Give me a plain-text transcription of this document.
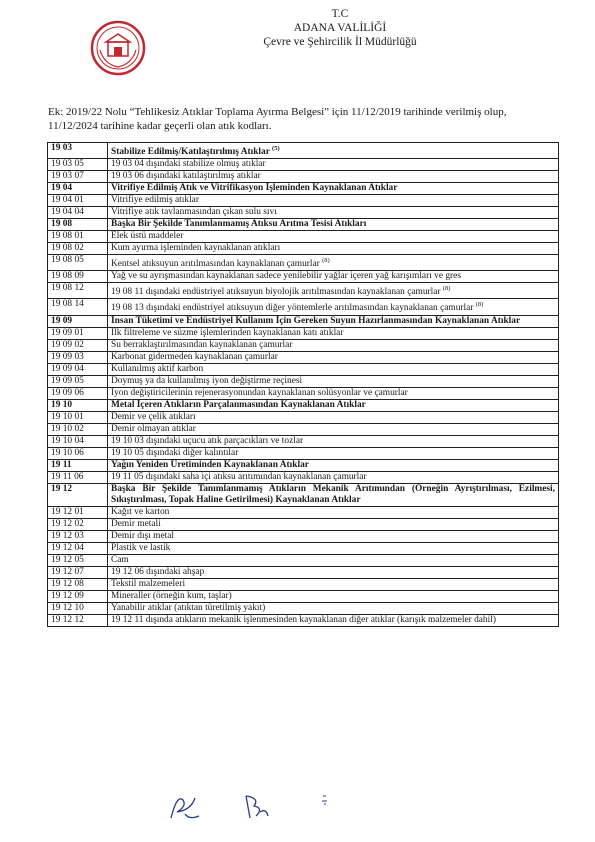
T.C
ADANA VALİLİĞİ
Çevre ve Şehircilik İl Müdürlüğü
Ek: 2019/22 Nolu “Tehlikesiz Atıklar Toplama Ayırma Belgesi” için 11/12/2019 tarihinde verilmiş olup,
11/12/2024 tarihine kadar geçerli olan atık kodları.
19 03	Stabilize Edilmiş/Katılaştırılmış Atıklar $^{(5)}$
19 03 05	19 03 04 dışındaki stabilize olmuş atıklar
19 03 07	19 03 06 dışındaki katılaştırılmış atıklar
19 04	Vitrifiye Edilmiş Atık ve Vitrifikasyon İşleminden Kaynaklanan Atıklar
19 04 01	Vitrifiye edilmiş atıklar
19 04 04	Vitrifiye atık tavlanmasından çıkan sulu sıvı
19 08	Başka Bir Şekilde Tanımlanmamış Atıksu Arıtma Tesisi Atıkları
19 08 01	Elek üstü maddeler
19 08 02	Kum ayırma işleminden kaynaklanan atıkları
19 08 05	Kentsel atıksuyun arıtılmasından kaynaklanan çamurlar $^{(8)}$
19 08 09	Yağ ve su ayrışmasından kaynaklanan sadece yenilebilir yağlar içeren yağ karışımları ve gres
19 08 12	19 08 11 dışındaki endüstriyel atıksuyun biyolojik arıtılmasından kaynaklanan çamurlar $^{(8)}$
19 08 14	19 08 13 dışındaki endüstriyel atıksuyun diğer yöntemlerle arıtılmasından kaynaklanan çamurlar $^{(8)}$
19 09	İnsan Tüketimi ve Endüstriyel Kullanım İçin Gereken Suyun Hazırlanmasından Kaynaklanan Atıklar
19 09 01	İlk filtreleme ve süzme işlemlerinden kaynaklanan katı atıklar
19 09 02	Su berraklaştırılmasından kaynaklanan çamurlar
19 09 03	Karbonat gidermeden kaynaklanan çamurlar
19 09 04	Kullanılmış aktif karbon
19 09 05	Doymuş ya da kullanılmış iyon değiştirme reçinesi
19 09 06	İyon değiştiricilerinin rejenerasyonundan kaynaklanan solüsyonlar ve çamurlar
19 10	Metal İçeren Atıkların Parçalanmasından Kaynaklanan Atıklar
19 10 01	Demir ve çelik atıkları
19 10 02	Demir olmayan atıklar
19 10 04	19 10 03 dışındaki uçucu atık parçacıkları ve tozlar
19 10 06	19 10 05 dışındaki diğer kalıntılar
19 11	Yağın Yeniden Üretiminden Kaynaklanan Atıklar
19 11 06	19 11 05 dışındaki saha içi atıksu arıtımından kaynaklanan çamurlar
19 12	Başka Bir Şekilde Tanımlanmamış Atıkların Mekanik Arıtımından (Örneğin Ayrıştırılması, Ezilmesi, Sıkıştırılması, Topak Haline Getirilmesi) Kaynaklanan Atıklar
19 12 01	Kağıt ve karton
19 12 02	Demir metali
19 12 03	Demir dışı metal
19 12 04	Plastik ve lastik
19 12 05	Cam
19 12 07	19 12 06 dışındaki ahşap
19 12 08	Tekstil malzemeleri
19 12 09	Mineraller (örneğin kum, taşlar)
19 12 10	Yanabilir atıklar (atıktan türetilmiş yakıt)
19 12 12	19 12 11 dışında atıkların mekanik işlenmesinden kaynaklanan diğer atıklar (karışık malzemeler dahil)
